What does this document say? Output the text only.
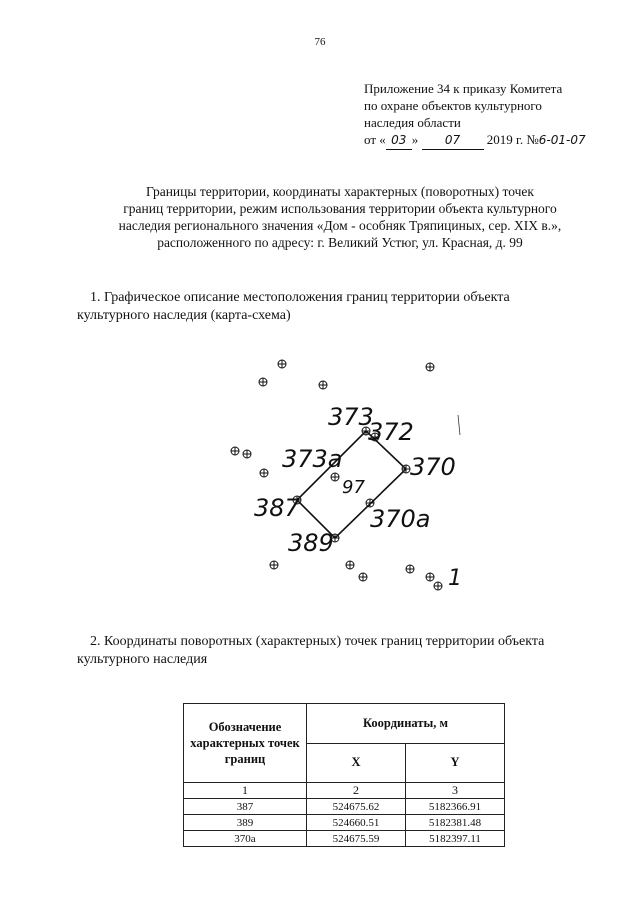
76
Приложение 34 к приказу Комитета
по охране объектов культурного
наследия области
от « 03 » 07 2019 г. №6-01-07
Границы территории, координаты характерных (поворотных) точек
границ территории, режим использования территории объекта культурного
наследия регионального значения «Дом - особняк Тряпициных, сер. XIX в.»,
расположенного по адресу: г. Великий Устюг, ул. Красная, д. 99
1. Графическое описание местоположения границ территории объекта
культурного наследия (карта-схема)
373
372
373а	370
97
387	370а
389
1
2. Координаты поворотных (характерных) точек границ территории объекта
культурного наследия
Обозначение характерных точек границ	Координаты, м	
	X	Y
1	2	3
387	524675.62	5182366.91
389	524660.51	5182381.48
370а	524675.59	5182397.11
